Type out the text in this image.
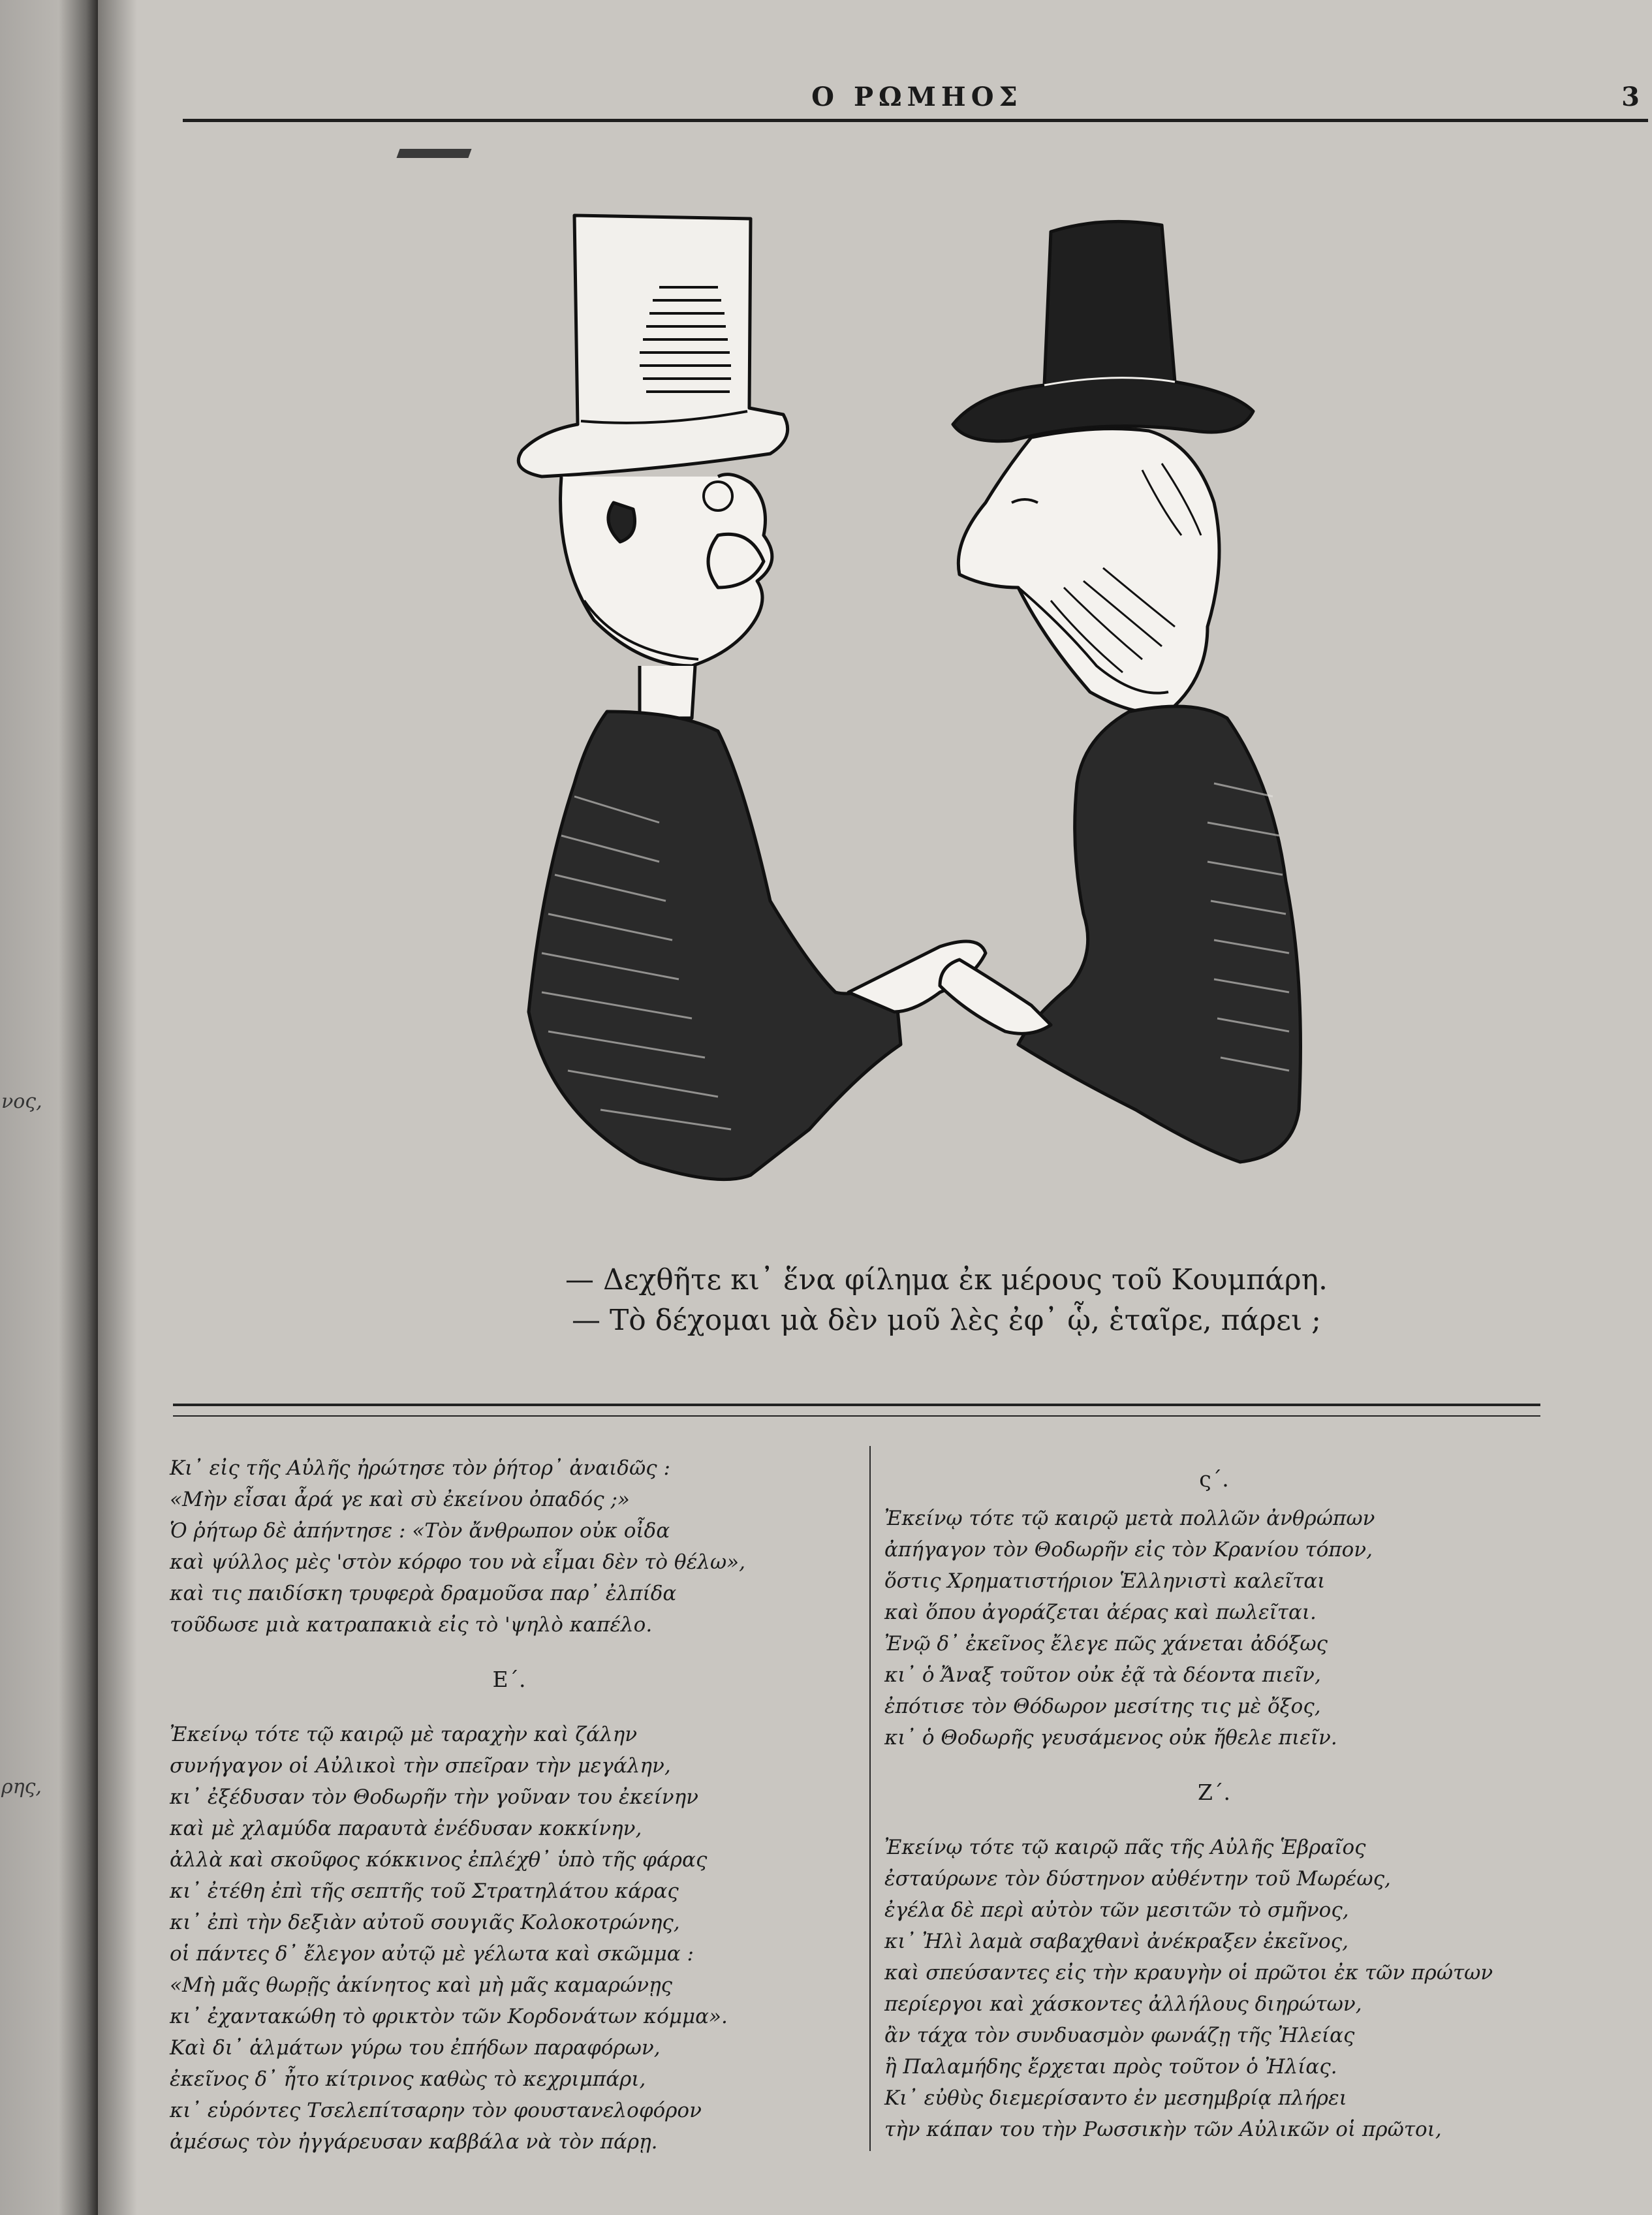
νος,
ρης,
Ο ΡΩΜΗΟΣ	3
— Δεχθῆτε κι᾽ ἕνα φίλημα ἐκ μέρους τοῦ Κουμπάρη.
— Τὸ δέχομαι μὰ δὲν μοῦ λὲς ἐφ᾽ ᾧ, ἑταῖρε, πάρει ;
Κι᾽ εἰς τῆς Αὐλῆς ἠρώτησε τὸν ῥήτορ᾽ ἀναιδῶς :
«Μὴν εἶσαι ἆρά γε καὶ σὺ ἐκείνου ὀπαδός ;»
Ὁ ῥήτωρ δὲ ἀπήντησε : «Τὸν ἄνθρωπον οὐκ οἶδα
καὶ ψύλλος μὲς 'στὸν κόρφο του νὰ εἶμαι δὲν τὸ θέλω»,
καὶ τις παιδίσκη τρυφερὰ δραμοῦσα παρ᾽ ἐλπίδα
τοῦδωσε μιὰ κατραπακιὰ εἰς τὸ 'ψηλὸ καπέλο.
Ε΄.
Ἐκείνῳ τότε τῷ καιρῷ μὲ ταραχὴν καὶ ζάλην
συνήγαγον οἱ Αὐλικοὶ τὴν σπεῖραν τὴν μεγάλην,
κι᾽ ἐξέδυσαν τὸν Θοδωρῆν τὴν γοῦναν του ἐκείνην
καὶ μὲ χλαμύδα παραυτὰ ἐνέδυσαν κοκκίνην,
ἀλλὰ καὶ σκοῦφος κόκκινος ἐπλέχθ᾽ ὑπὸ τῆς φάρας
κι᾽ ἐτέθη ἐπὶ τῆς σεπτῆς τοῦ Στρατηλάτου κάρας
κι᾽ ἐπὶ τὴν δεξιὰν αὐτοῦ σουγιᾶς Κολοκοτρώνης,
οἱ πάντες δ᾽ ἔλεγον αὐτῷ μὲ γέλωτα καὶ σκῶμμα :
«Μὴ μᾶς θωρῇς ἀκίνητος καὶ μὴ μᾶς καμαρώνῃς
κι᾽ ἐχαντακώθη τὸ φρικτὸν τῶν Κορδονάτων κόμμα».
Καὶ δι᾽ ἁλμάτων γύρω του ἐπήδων παραφόρων,
ἐκεῖνος δ᾽ ἦτο κίτρινος καθὼς τὸ κεχριμπάρι,
κι᾽ εὑρόντες Τσελεπίτσαρην τὸν φουστανελοφόρον
ἀμέσως τὸν ἠγγάρευσαν καββάλα νὰ τὸν πάρῃ.
ς΄.
Ἐκείνῳ τότε τῷ καιρῷ μετὰ πολλῶν ἀνθρώπων
ἀπήγαγον τὸν Θοδωρῆν εἰς τὸν Κρανίου τόπον,
ὅστις Χρηματιστήριον Ἑλληνιστὶ καλεῖται
καὶ ὅπου ἀγοράζεται ἀέρας καὶ πωλεῖται.
Ἐνῷ δ᾽ ἐκεῖνος ἔλεγε πῶς χάνεται ἀδόξως
κι᾽ ὁ Ἄναξ τοῦτον οὐκ ἐᾷ τὰ δέοντα πιεῖν,
ἐπότισε τὸν Θόδωρον μεσίτης τις μὲ ὄξος,
κι᾽ ὁ Θοδωρῆς γευσάμενος οὐκ ἤθελε πιεῖν.
Ζ΄.
Ἐκείνῳ τότε τῷ καιρῷ πᾶς τῆς Αὐλῆς Ἑβραῖος
ἐσταύρωνε τὸν δύστηνον αὐθέντην τοῦ Μωρέως,
ἐγέλα δὲ περὶ αὐτὸν τῶν μεσιτῶν τὸ σμῆνος,
κι᾽ Ἠλὶ λαμὰ σαβαχθανὶ ἀνέκραξεν ἐκεῖνος,
καὶ σπεύσαντες εἰς τὴν κραυγὴν οἱ πρῶτοι ἐκ τῶν πρώτων
περίεργοι καὶ χάσκοντες ἀλλήλους διηρώτων,
ἂν τάχα τὸν συνδυασμὸν φωνάζῃ τῆς Ἠλείας
ἢ Παλαμήδης ἔρχεται πρὸς τοῦτον ὁ Ἠλίας.
Κι᾽ εὐθὺς διεμερίσαντο ἐν μεσημβρίᾳ πλήρει
τὴν κάπαν του τὴν Ρωσσικὴν τῶν Αὐλικῶν οἱ πρῶτοι,
